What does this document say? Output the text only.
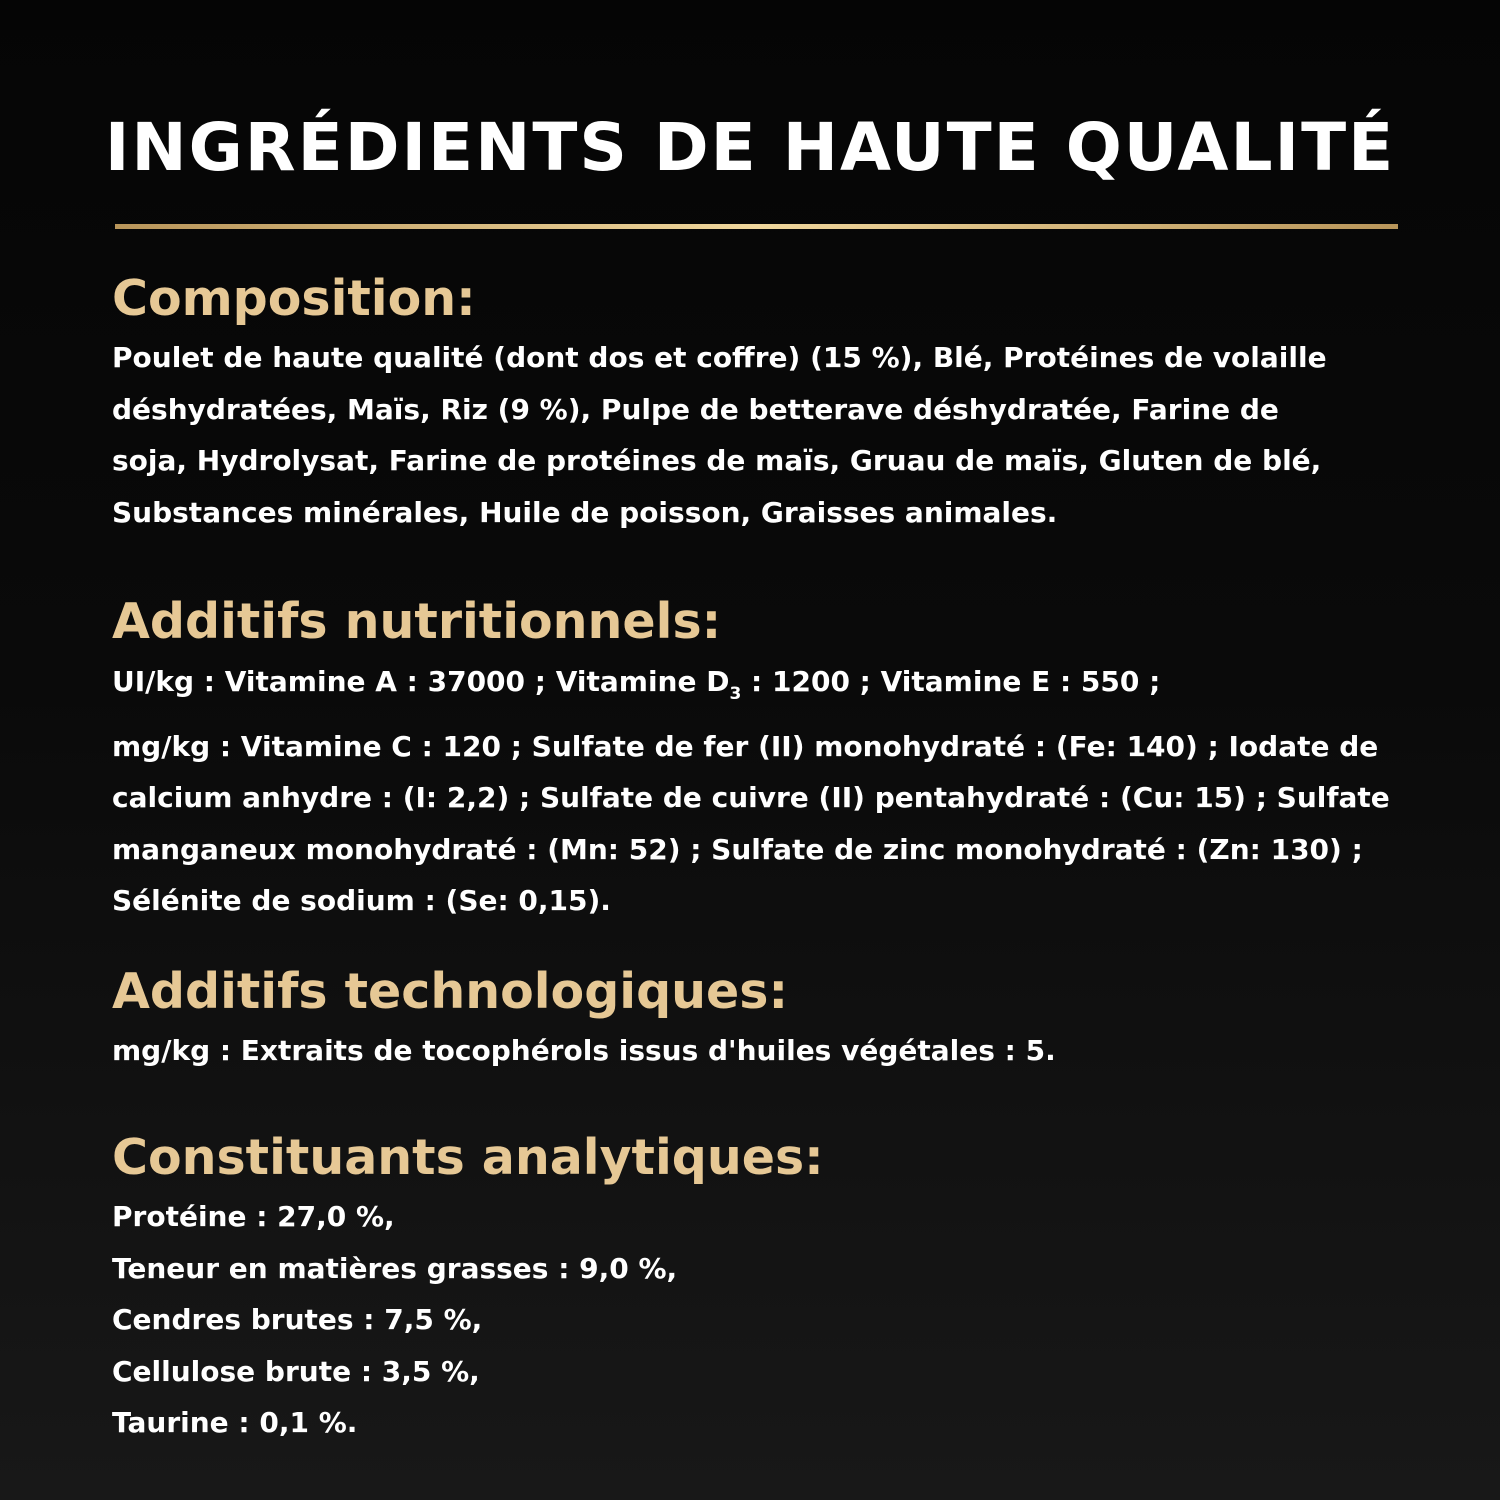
INGRÉDIENTS DE HAUTE QUALITÉ
Composition:
Poulet de haute qualité (dont dos et coffre) (15 %), Blé, Protéines de volaille
déshydratées, Maïs, Riz (9 %), Pulpe de betterave déshydratée, Farine de
soja, Hydrolysat, Farine de protéines de maïs, Gruau de maïs, Gluten de blé,
Substances minérales, Huile de poisson, Graisses animales.
Additifs nutritionnels:
UI/kg : Vitamine A : 37000 ; Vitamine $D_3$ : 1200 ; Vitamine E : 550 ;
mg/kg : Vitamine C : 120 ; Sulfate de fer (II) monohydraté : (Fe: 140) ; Iodate de
calcium anhydre : (I: 2,2) ; Sulfate de cuivre (II) pentahydraté : (Cu: 15) ; Sulfate
manganeux monohydraté : (Mn: 52) ; Sulfate de zinc monohydraté : (Zn: 130) ;
Sélénite de sodium : (Se: 0,15).
Additifs technologiques:
mg/kg : Extraits de tocophérols issus d'huiles végétales : 5.
Constituants analytiques:
Protéine : 27,0 %,
Teneur en matières grasses : 9,0 %,
Cendres brutes : 7,5 %,
Cellulose brute : 3,5 %,
Taurine : 0,1 %.
